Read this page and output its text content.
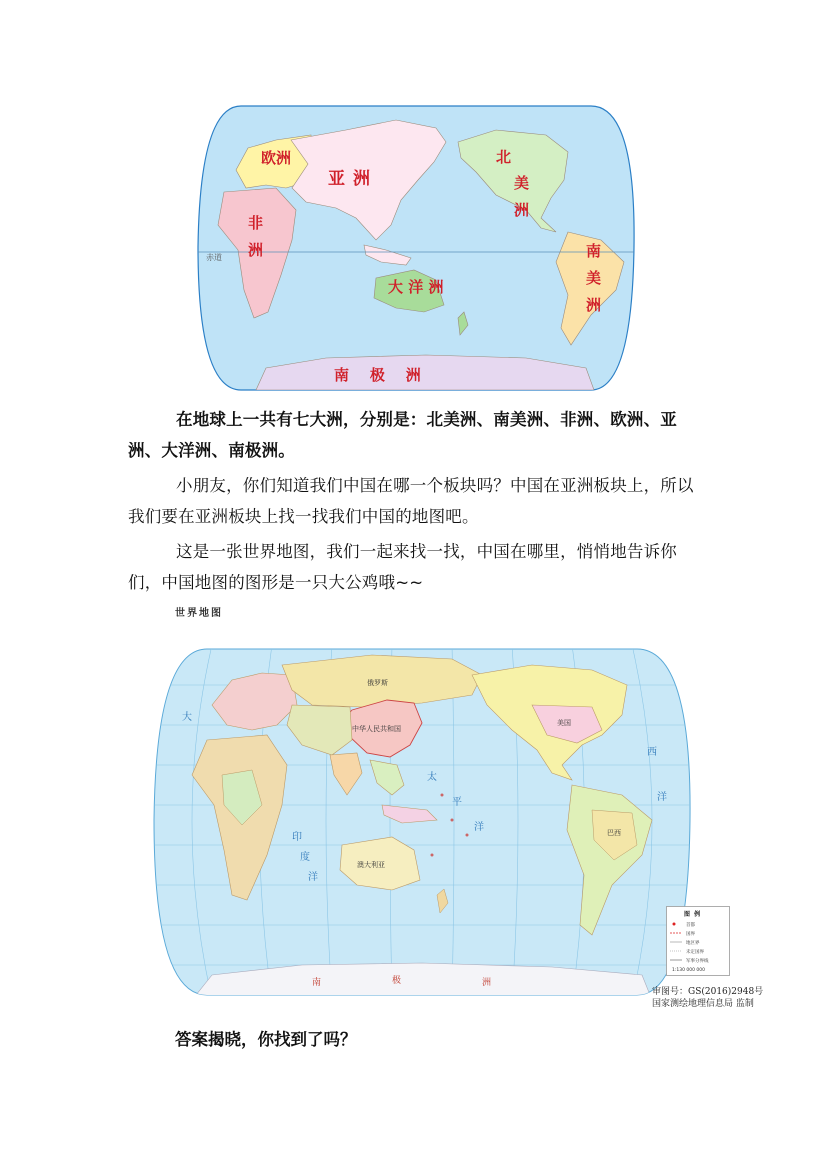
赤道
欧洲
亚洲
北
美
洲
非
洲	南
美
洲
大 洋 洲
南    极    洲

在地球上一共有七大洲，分别是：北美洲、南美洲、非洲、欧洲、亚洲、大洋洲、南极洲。

小朋友，你们知道我们中国在哪一个板块吗？中国在亚洲板块上，所以我们要在亚洲板块上找一找我们中国的地图吧。

这是一张世界地图，我们一起来找一找，中国在哪里，悄悄地告诉你们，中国地图的图形是一只大公鸡哦~~

世界地图
太
平
洋
印
度
洋
大
西
洋
南	极	洲
俄罗斯
中华人民共和国
澳大利亚
美国
巴西
图  例
首都
国界
地区界
未定国界
军事分界线
1:130 000 000
审图号：GS(2016)2948号
国家测绘地理信息局 监制

答案揭晓，你找到了吗？
